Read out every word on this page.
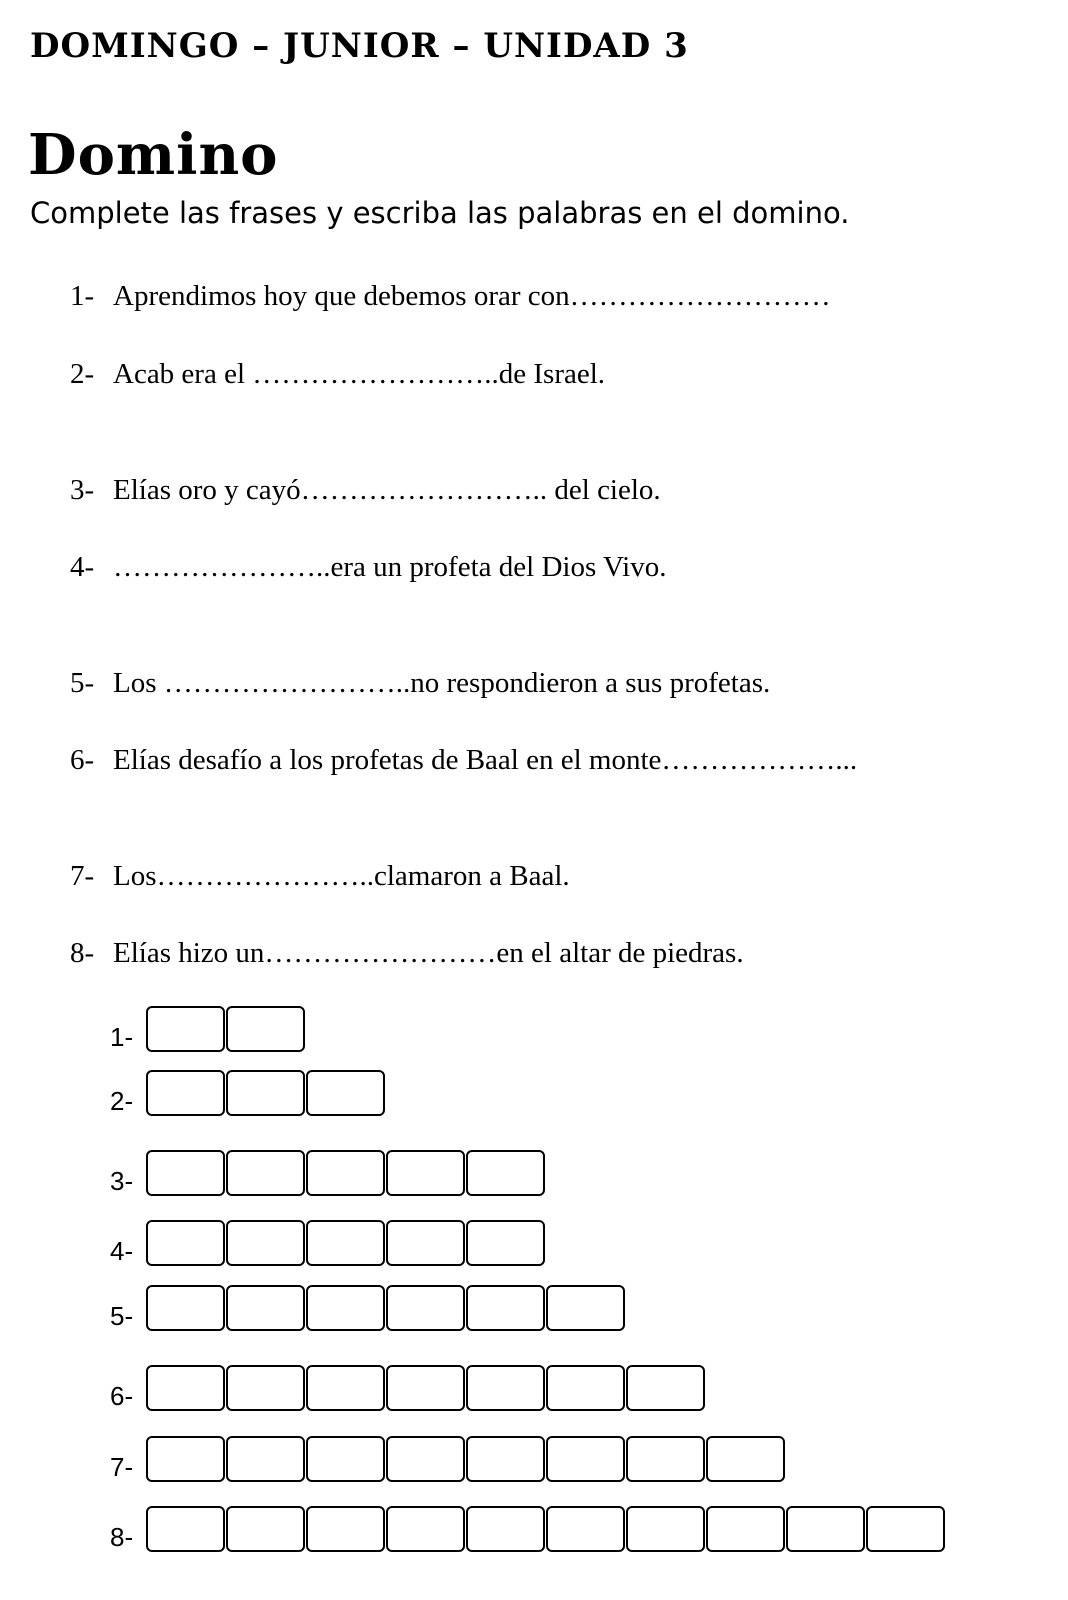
DOMINGO – JUNIOR – UNIDAD 3
Domino
Complete las frases y escriba las palabras en el domino.
1- Aprendimos hoy que debemos orar con………………………
2- Acab era el ……………………..de Israel.
3- Elías oro y cayó…………………….. del cielo.
4- …………………..era un profeta del Dios Vivo.
5- Los ……………………..no respondieron a sus profetas.
6- Elías desafío a los profetas de Baal en el monte………………...
7- Los…………………..clamaron a Baal.
8- Elías hizo un……………………en el altar de piedras.
1-
2-
3-
4-
5-
6-
7-
8-
